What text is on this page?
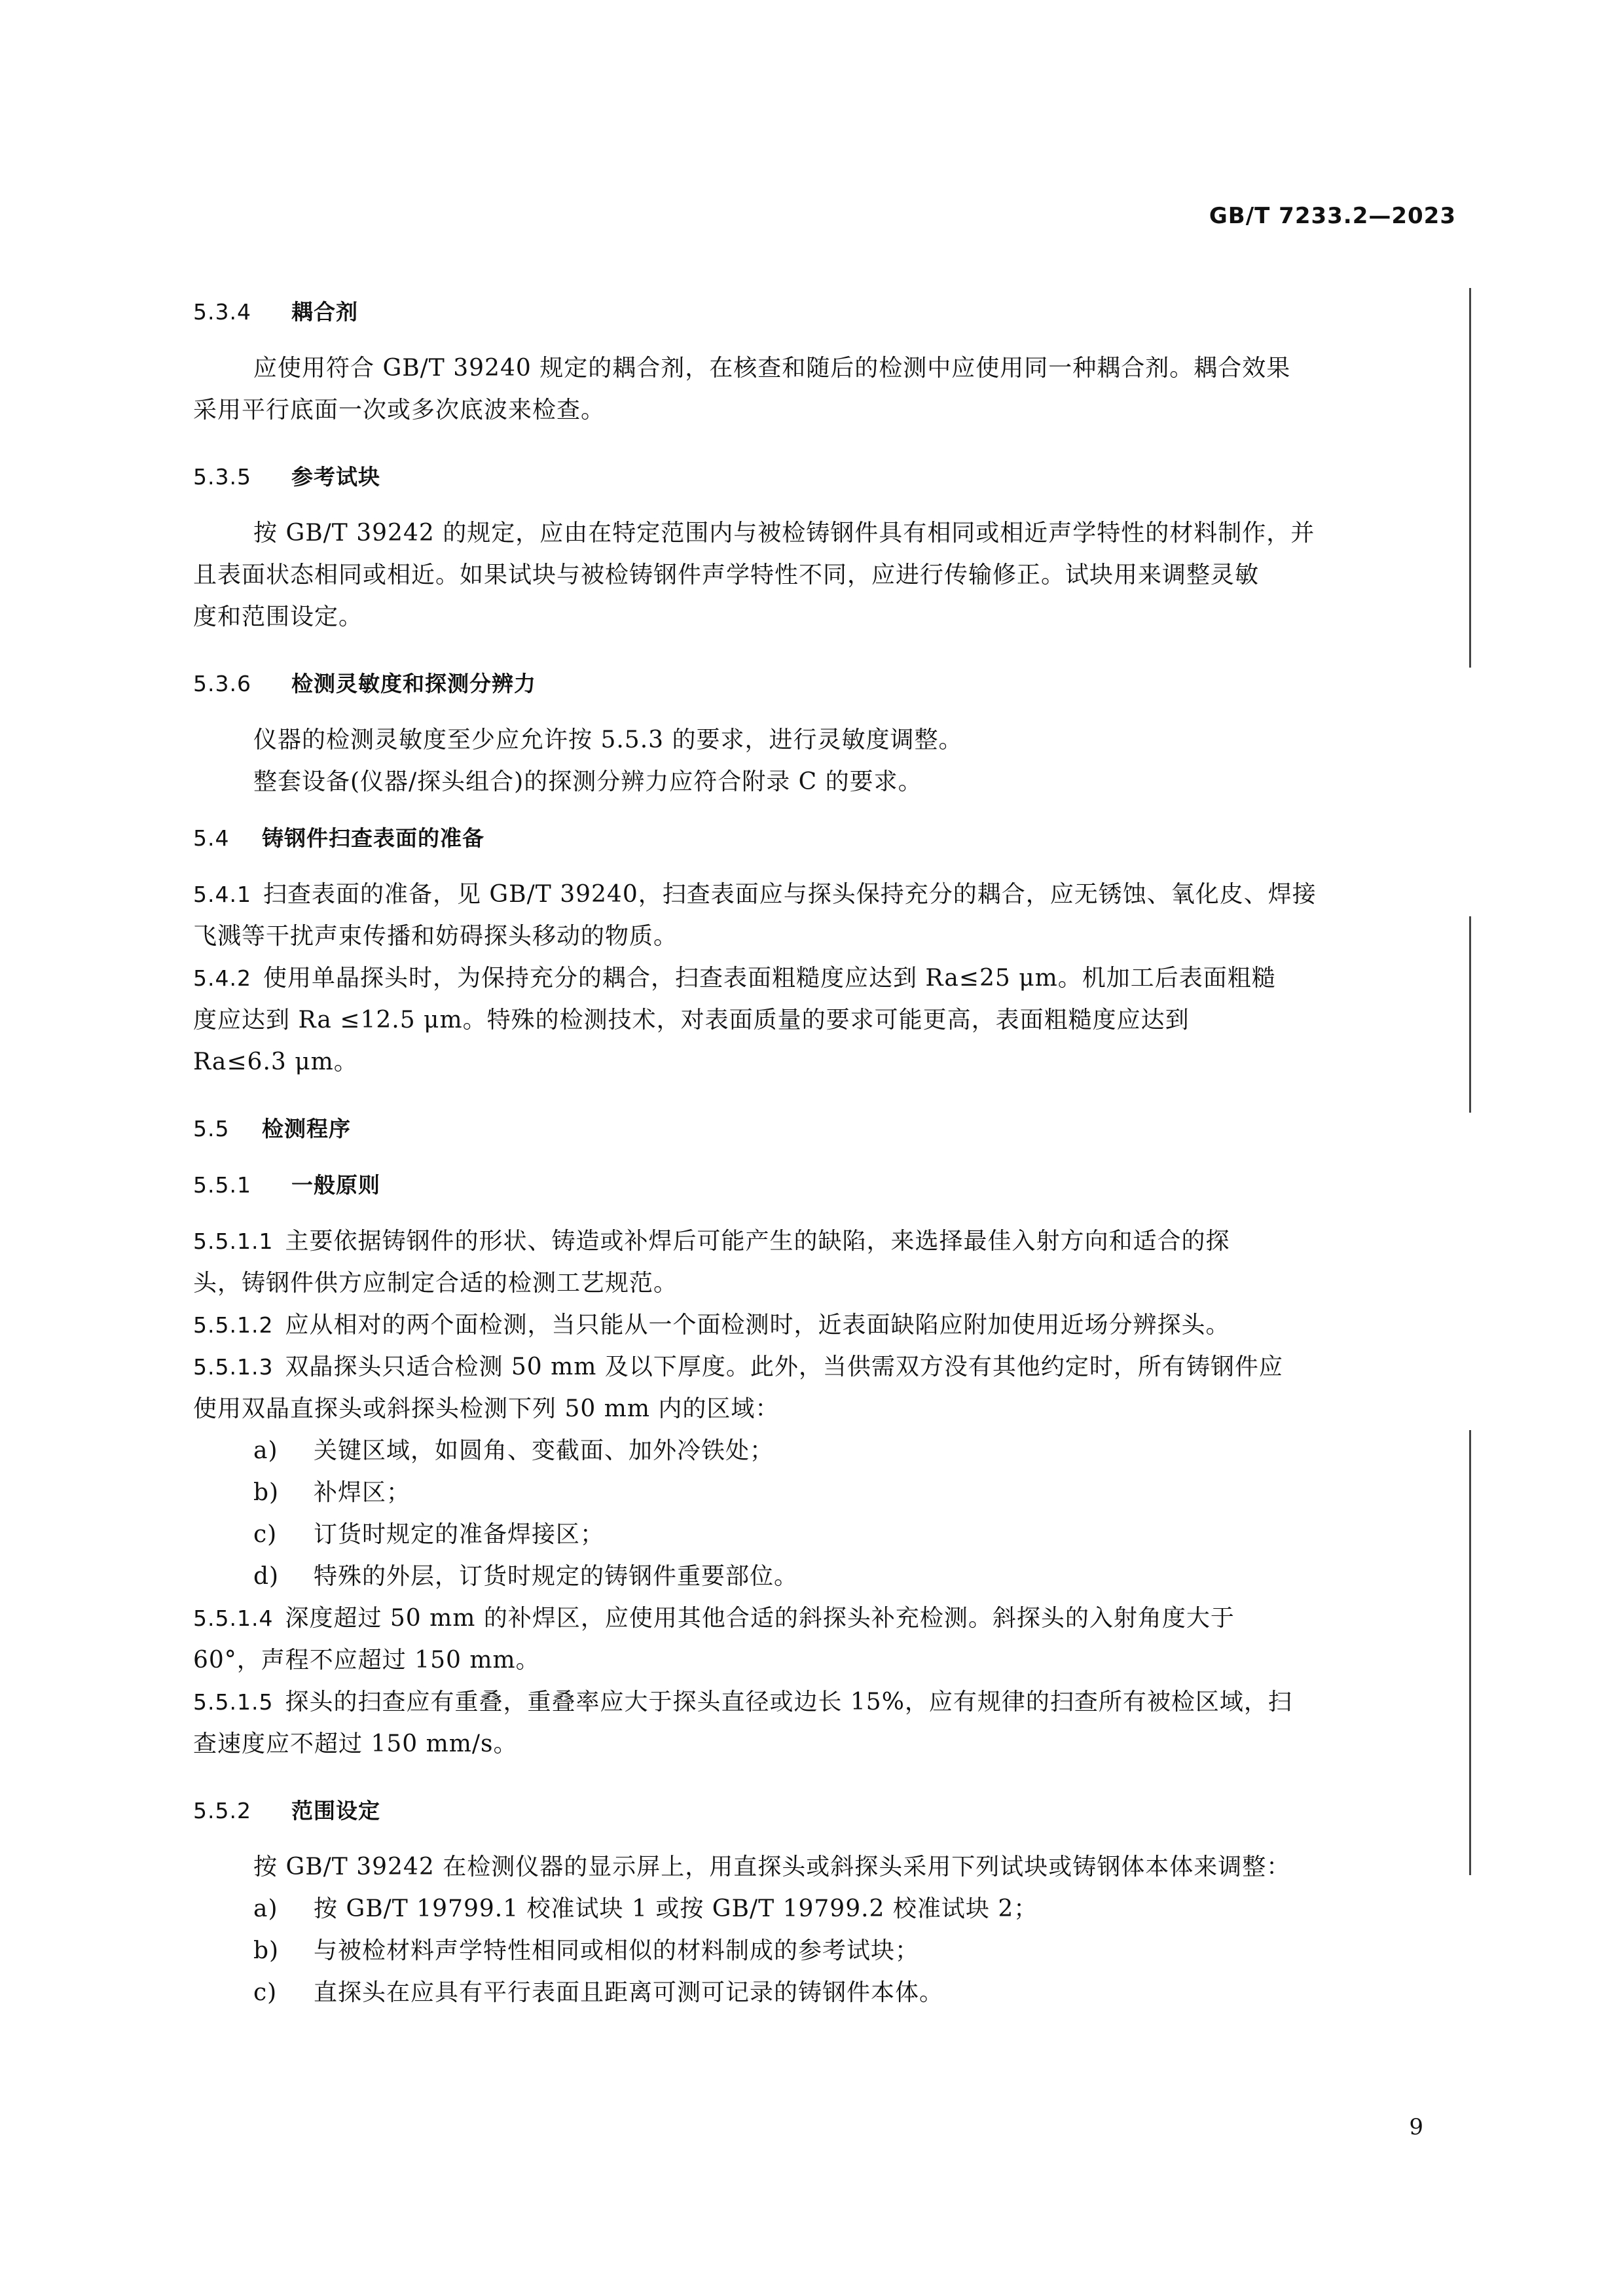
GB/T 7233.2—2023
5.3.4 耦合剂
应使用符合 GB/T 39240 规定的耦合剂，在核查和随后的检测中应使用同一种耦合剂。耦合效果
采用平行底面一次或多次底波来检查。
5.3.5 参考试块
按 GB/T 39242 的规定，应由在特定范围内与被检铸钢件具有相同或相近声学特性的材料制作，并
且表面状态相同或相近。如果试块与被检铸钢件声学特性不同，应进行传输修正。试块用来调整灵敏
度和范围设定。
5.3.6 检测灵敏度和探测分辨力
仪器的检测灵敏度至少应允许按 5.5.3 的要求，进行灵敏度调整。
整套设备(仪器/探头组合)的探测分辨力应符合附录 C 的要求。
5.4 铸钢件扫查表面的准备
5.4.1 扫查表面的准备，见 GB/T 39240，扫查表面应与探头保持充分的耦合，应无锈蚀、氧化皮、焊接
飞溅等干扰声束传播和妨碍探头移动的物质。
5.4.2 使用单晶探头时，为保持充分的耦合，扫查表面粗糙度应达到 Ra≤25 μm。机加工后表面粗糙
度应达到 Ra ≤12.5 μm。特殊的检测技术，对表面质量的要求可能更高，表面粗糙度应达到
Ra≤6.3 μm。
5.5 检测程序
5.5.1 一般原则
5.5.1.1 主要依据铸钢件的形状、铸造或补焊后可能产生的缺陷，来选择最佳入射方向和适合的探
头，铸钢件供方应制定合适的检测工艺规范。
5.5.1.2 应从相对的两个面检测，当只能从一个面检测时，近表面缺陷应附加使用近场分辨探头。
5.5.1.3 双晶探头只适合检测 50 mm 及以下厚度。此外，当供需双方没有其他约定时，所有铸钢件应
使用双晶直探头或斜探头检测下列 50 mm 内的区域：
a) 关键区域，如圆角、变截面、加外冷铁处；
b) 补焊区；
c) 订货时规定的准备焊接区；
d) 特殊的外层，订货时规定的铸钢件重要部位。
5.5.1.4 深度超过 50 mm 的补焊区，应使用其他合适的斜探头补充检测。斜探头的入射角度大于
60°，声程不应超过 150 mm。
5.5.1.5 探头的扫查应有重叠，重叠率应大于探头直径或边长 15%，应有规律的扫查所有被检区域，扫
查速度应不超过 150 mm/s。
5.5.2 范围设定
按 GB/T 39242 在检测仪器的显示屏上，用直探头或斜探头采用下列试块或铸钢体本体来调整：
a) 按 GB/T 19799.1 校准试块 1 或按 GB/T 19799.2 校准试块 2；
b) 与被检材料声学特性相同或相似的材料制成的参考试块；
c) 直探头在应具有平行表面且距离可测可记录的铸钢件本体。
9
